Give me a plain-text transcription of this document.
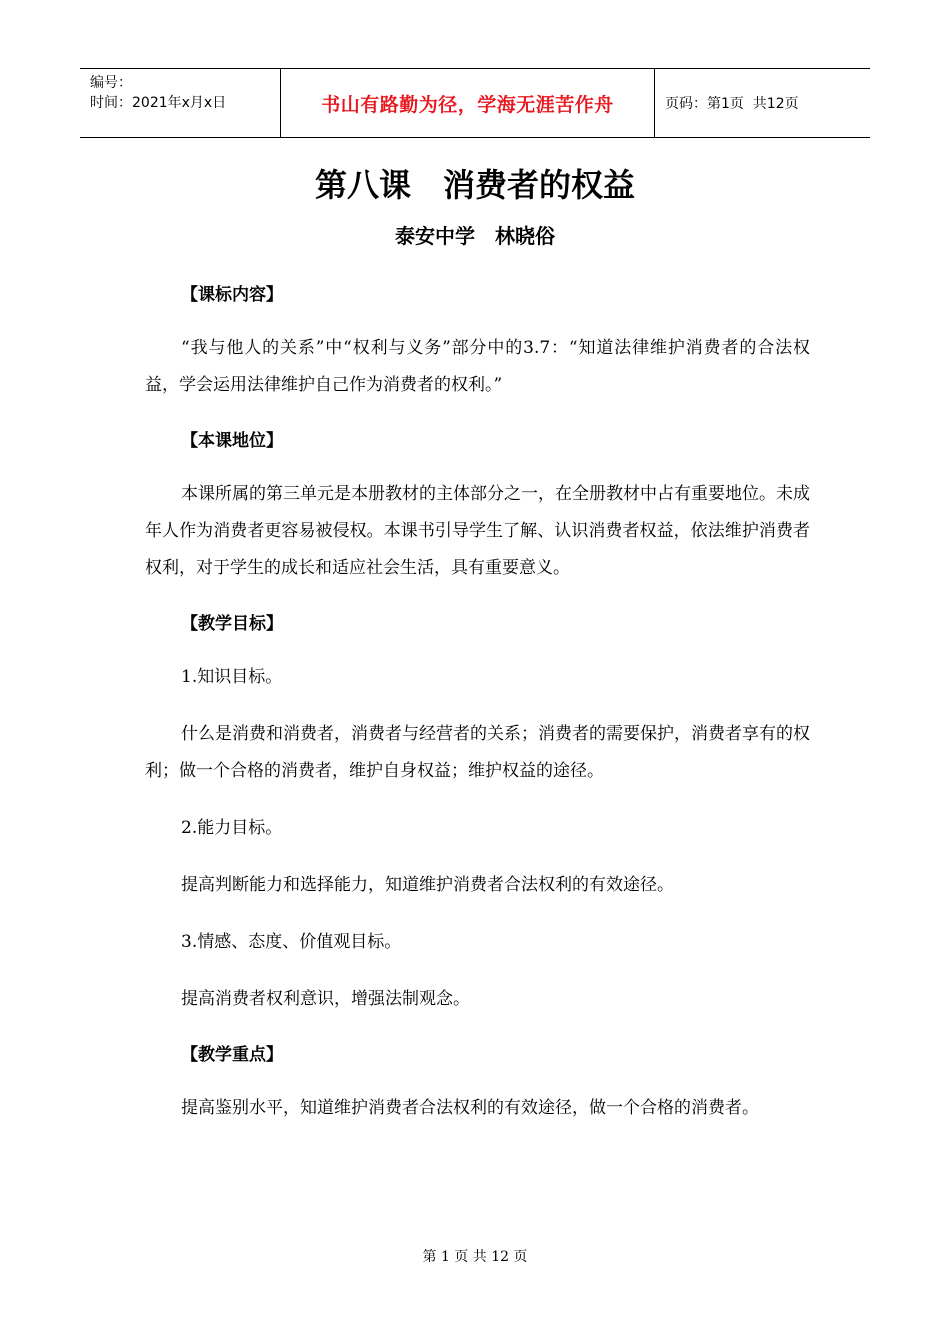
编号：
时间：2021年x月x日	书山有路勤为径，学海无涯苦作舟	页码：第1页  共12页
第八课　消费者的权益
泰安中学　林晓俗

【课标内容】

“我与他人的关系”中“权利与义务”部分中的3.7：“知道法律维护消费者的合法权益，学会运用法律维护自己作为消费者的权利。”

【本课地位】

本课所属的第三单元是本册教材的主体部分之一，在全册教材中占有重要地位。未成年人作为消费者更容易被侵权。本课书引导学生了解、认识消费者权益，依法维护消费者权利，对于学生的成长和适应社会生活，具有重要意义。

【教学目标】

1.知识目标。

什么是消费和消费者，消费者与经营者的关系；消费者的需要保护，消费者享有的权利；做一个合格的消费者，维护自身权益；维护权益的途径。

2.能力目标。

提高判断能力和选择能力，知道维护消费者合法权利的有效途径。

3.情感、态度、价值观目标。

提高消费者权利意识，增强法制观念。

【教学重点】

提高鉴别水平，知道维护消费者合法权利的有效途径，做一个合格的消费者。

第 1 页 共 12 页
